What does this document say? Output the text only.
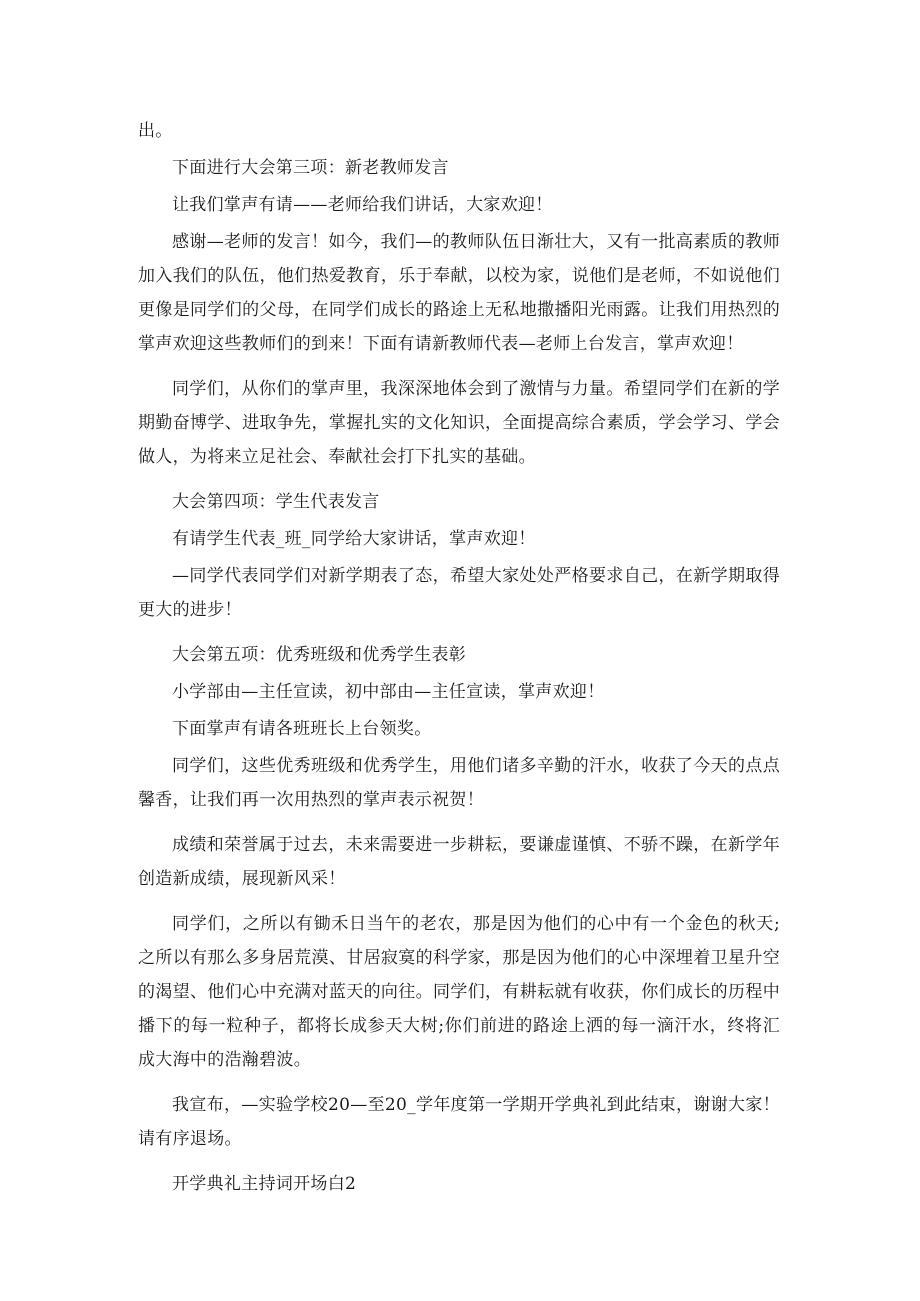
出。

下面进行大会第三项：新老教师发言

让我们掌声有请——老师给我们讲话，大家欢迎！

感谢—老师的发言！如今，我们—的教师队伍日渐壮大，又有一批高素质的教师加入我们的队伍，他们热爱教育，乐于奉献，以校为家，说他们是老师，不如说他们更像是同学们的父母，在同学们成长的路途上无私地撒播阳光雨露。让我们用热烈的掌声欢迎这些教师们的到来！下面有请新教师代表—老师上台发言，掌声欢迎！

同学们，从你们的掌声里，我深深地体会到了激情与力量。希望同学们在新的学期勤奋博学、进取争先，掌握扎实的文化知识，全面提高综合素质，学会学习、学会做人，为将来立足社会、奉献社会打下扎实的基础。

大会第四项：学生代表发言

有请学生代表_班_同学给大家讲话，掌声欢迎！

—同学代表同学们对新学期表了态，希望大家处处严格要求自己，在新学期取得更大的进步！

大会第五项：优秀班级和优秀学生表彰

小学部由—主任宣读，初中部由—主任宣读，掌声欢迎！

下面掌声有请各班班长上台领奖。

同学们，这些优秀班级和优秀学生，用他们诸多辛勤的汗水，收获了今天的点点馨香，让我们再一次用热烈的掌声表示祝贺！

成绩和荣誉属于过去，未来需要进一步耕耘，要谦虚谨慎、不骄不躁，在新学年创造新成绩，展现新风采！

同学们，之所以有锄禾日当午的老农，那是因为他们的心中有一个金色的秋天;之所以有那么多身居荒漠、甘居寂寞的科学家，那是因为他们的心中深埋着卫星升空的渴望、他们心中充满对蓝天的向往。同学们，有耕耘就有收获，你们成长的历程中播下的每一粒种子，都将长成参天大树;你们前进的路途上洒的每一滴汗水，终将汇成大海中的浩瀚碧波。

我宣布，—实验学校20—至20_学年度第一学期开学典礼到此结束，谢谢大家！请有序退场。

开学典礼主持词开场白2
